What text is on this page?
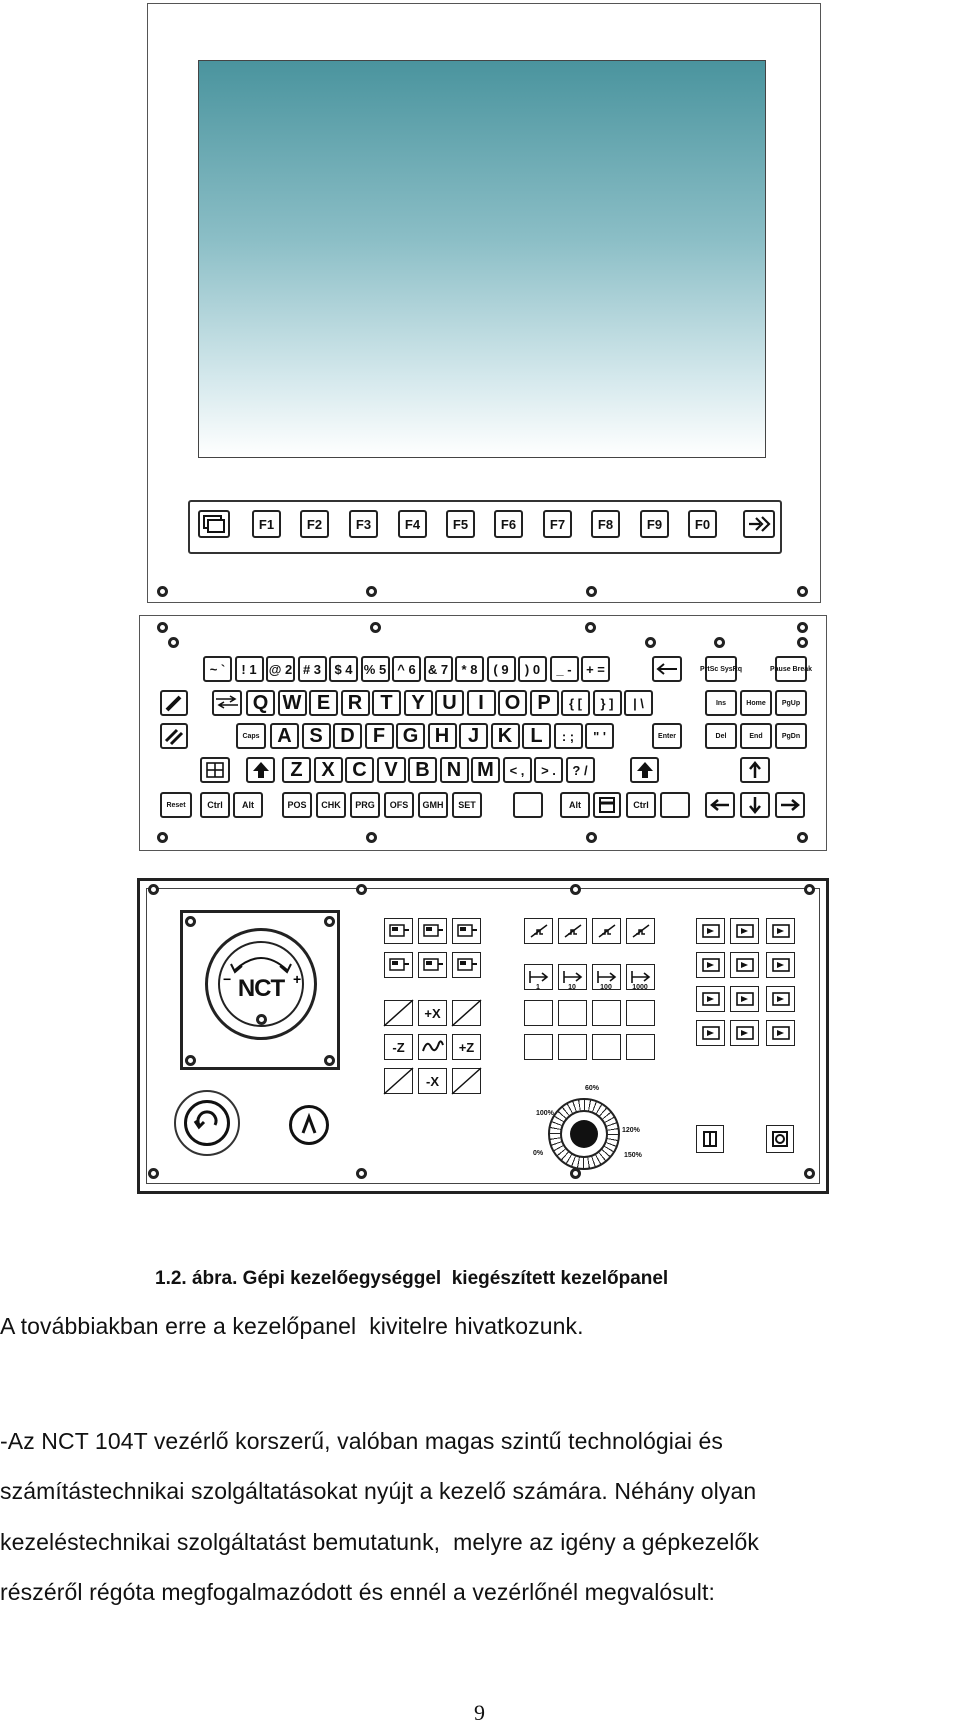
F1	F2	F3	F4	F5	F6	F7	F8	F9	F0
~ `	! 1 @ 2 # 3	$ 4 % 5 ^ 6 & 7	* 8	( 9	) 0	_ -	+ =	PrtSc SysRq	Pause Break
Q W E R T Y U	I	O P	{ [	} ]	| \	Ins	Home	PgUp
Caps A S D F G H J K L	: ;	" '	Enter	Del	End	PgDn
Z X C V B N M	< ,	> .	? /
Reset	Ctrl	Alt	POS	CHK	PRG	OFS	GMH	SET	Alt	Ctrl
NCT
−	+
+X
-Z	+Z
-X
1	10	100	1000
60%
100%
120%
0%	150%
1.2. ábra. Gépi kezelőegységgel  kiegészített kezelőpanel
A továbbiakban erre a kezelőpanel  kivitelre hivatkozunk.
-Az NCT 104T vezérlő korszerű, valóban magas szintű technológiai és
számítástechnikai szolgáltatásokat nyújt a kezelő számára. Néhány olyan
kezeléstechnikai szolgáltatást bemutatunk,  melyre az igény a gépkezelők
részéről régóta megfogalmazódott és ennél a vezérlőnél megvalósult:
9
